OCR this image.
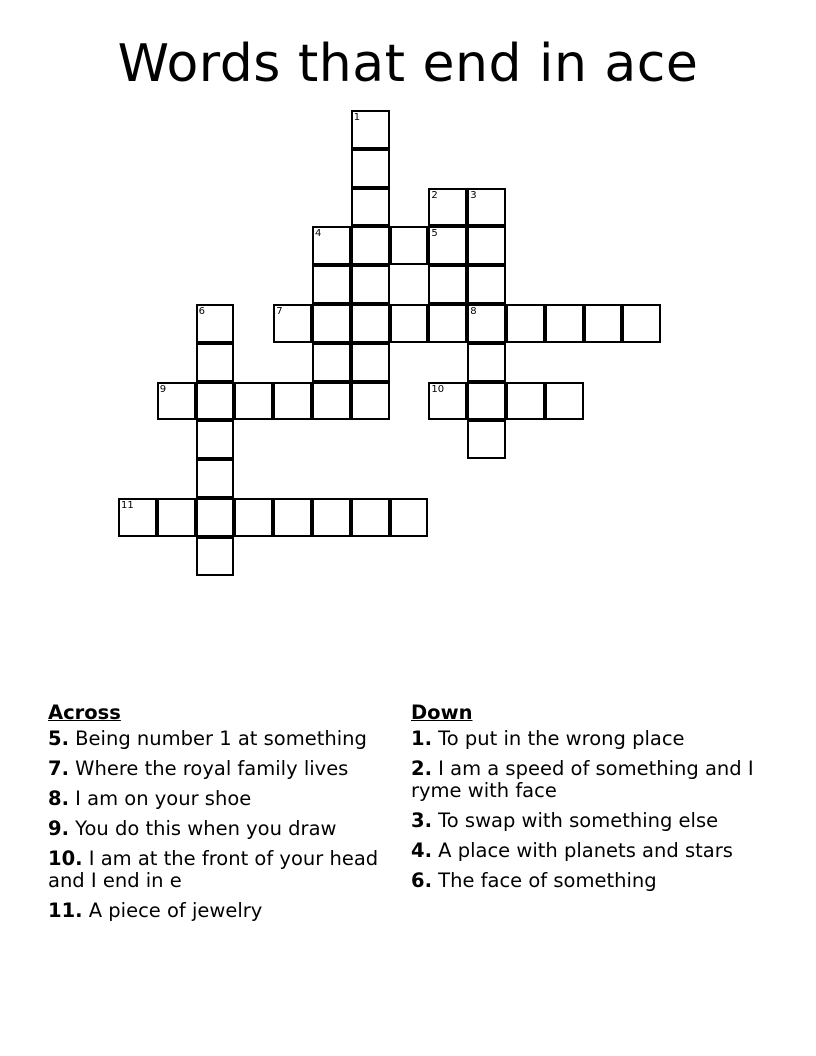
Words that end in ace
1
2
5
3
8
4
7
6
9	10
11
Across
5. Being number 1 at something
7. Where the royal family lives
8. I am on your shoe
9. You do this when you draw
10. I am at the front of your head and I end in e
11. A piece of jewelry
Down
1. To put in the wrong place
2. I am a speed of something and I ryme with face
3. To swap with something else
4. A place with planets and stars
6. The face of something
